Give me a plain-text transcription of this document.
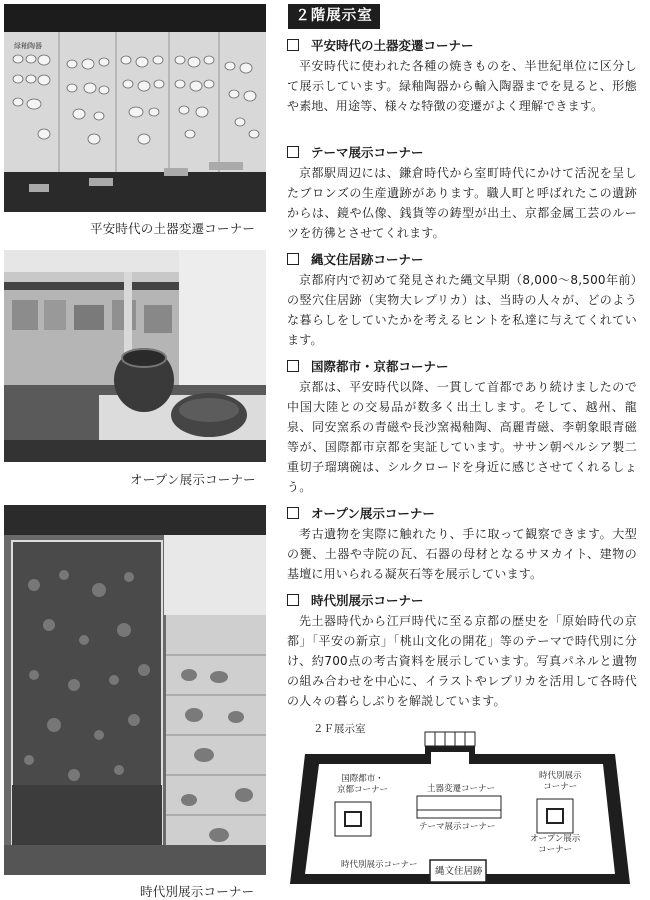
緑釉陶器
平安時代の土器変遷コーナー
オープン展示コーナー
時代別展示コーナー
２階展示室
平安時代の土器変遷コーナー
平安時代に使われた各種の焼きものを、半世紀単位に区分して展示しています。緑釉陶器から輸入陶器までを見ると、形態や素地、用途等、様々な特徴の変遷がよく理解できます。
テーマ展示コーナー
京都駅周辺には、鎌倉時代から室町時代にかけて活況を呈したブロンズの生産遺跡があります。職人町と呼ばれたこの遺跡からは、鏡や仏像、銭貨等の鋳型が出土、京都金属工芸のルーツを彷彿とさせてくれます。
縄文住居跡コーナー
京都府内で初めて発見された縄文早期（8,000～8,500年前）の竪穴住居跡（実物大レプリカ）は、当時の人々が、どのような暮らしをしていたかを考えるヒントを私達に与えてくれています。
国際都市・京都コーナー
京都は、平安時代以降、一貫して首都であり続けましたので中国大陸との交易品が数多く出土します。そして、越州、龍泉、同安窯系の青磁や長沙窯褐釉陶、高麗青磁、李朝象眼青磁等が、国際都市京都を実証しています。ササン朝ペルシア製二重切子瑠璃碗は、シルクロードを身近に感じさせてくれるしょう。
オープン展示コーナー
考古遺物を実際に触れたり、手に取って観察できます。大型の甕、土器や寺院の瓦、石器の母材となるサヌカイト、建物の基壇に用いられる凝灰石等を展示しています。
時代別展示コーナー
先土器時代から江戸時代に至る京都の歴史を「原始時代の京都」「平安の新京」「桃山文化の開花」等のテーマで時代別に分け、約700点の考古資料を展示しています。写真パネルと遺物の組み合わせを中心に、イラストやレプリカを活用して各時代の人々の暮らしぶりを解説しています。
２Ｆ展示室
国際都市・
京都コーナー	土器変遷コーナー
時代別展示
コーナー
テーマ展示コーナー
オープン展示
コーナー
時代別展示コーナー
縄文住居跡
